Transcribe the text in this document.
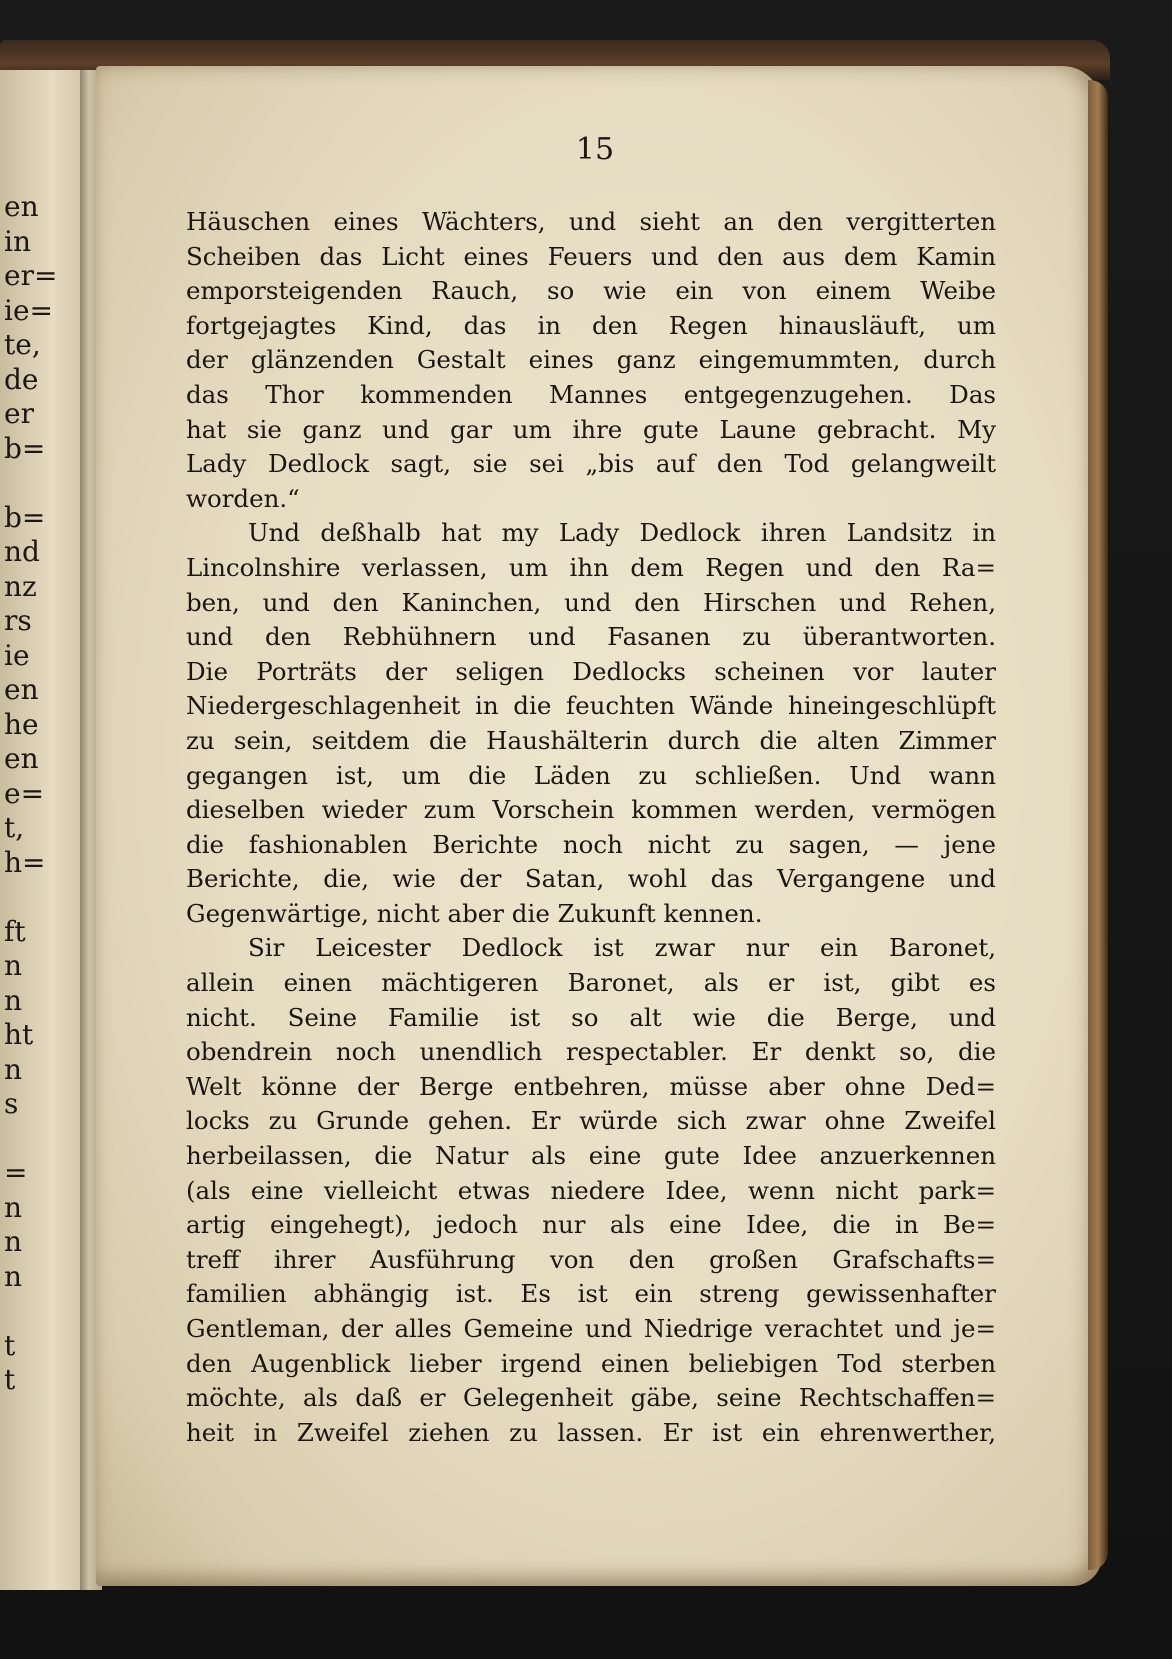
en
in
er=
ie=
te,
de
er
b=
b=
nd
nz
rs
ie
en
he
en
e=
t,
h=
ft
n
n
ht
n
s
=
n
n
n
t
t
15
Häuschen eines Wächters, und sieht an den vergitterten
Scheiben das Licht eines Feuers und den aus dem Kamin
emporsteigenden Rauch, so wie ein von einem Weibe
fortgejagtes Kind, das in den Regen hinausläuft, um
der glänzenden Gestalt eines ganz eingemummten, durch
das Thor kommenden Mannes entgegenzugehen. Das
hat sie ganz und gar um ihre gute Laune gebracht. My
Lady Dedlock sagt, sie sei „bis auf den Tod gelangweilt
worden.“
Und deßhalb hat my Lady Dedlock ihren Landsitz in
Lincolnshire verlassen, um ihn dem Regen und den Ra=
ben, und den Kaninchen, und den Hirschen und Rehen,
und den Rebhühnern und Fasanen zu überantworten.
Die Porträts der seligen Dedlocks scheinen vor lauter
Niedergeschlagenheit in die feuchten Wände hineingeschlüpft
zu sein, seitdem die Haushälterin durch die alten Zimmer
gegangen ist, um die Läden zu schließen. Und wann
dieselben wieder zum Vorschein kommen werden, vermögen
die fashionablen Berichte noch nicht zu sagen, — jene
Berichte, die, wie der Satan, wohl das Vergangene und
Gegenwärtige, nicht aber die Zukunft kennen.
Sir Leicester Dedlock ist zwar nur ein Baronet,
allein einen mächtigeren Baronet, als er ist, gibt es
nicht. Seine Familie ist so alt wie die Berge, und
obendrein noch unendlich respectabler. Er denkt so, die
Welt könne der Berge entbehren, müsse aber ohne Ded=
locks zu Grunde gehen. Er würde sich zwar ohne Zweifel
herbeilassen, die Natur als eine gute Idee anzuerkennen
(als eine vielleicht etwas niedere Idee, wenn nicht park=
artig eingehegt), jedoch nur als eine Idee, die in Be=
treff ihrer Ausführung von den großen Grafschafts=
familien abhängig ist. Es ist ein streng gewissenhafter
Gentleman, der alles Gemeine und Niedrige verachtet und je=
den Augenblick lieber irgend einen beliebigen Tod sterben
möchte, als daß er Gelegenheit gäbe, seine Rechtschaffen=
heit in Zweifel ziehen zu lassen. Er ist ein ehrenwerther,
